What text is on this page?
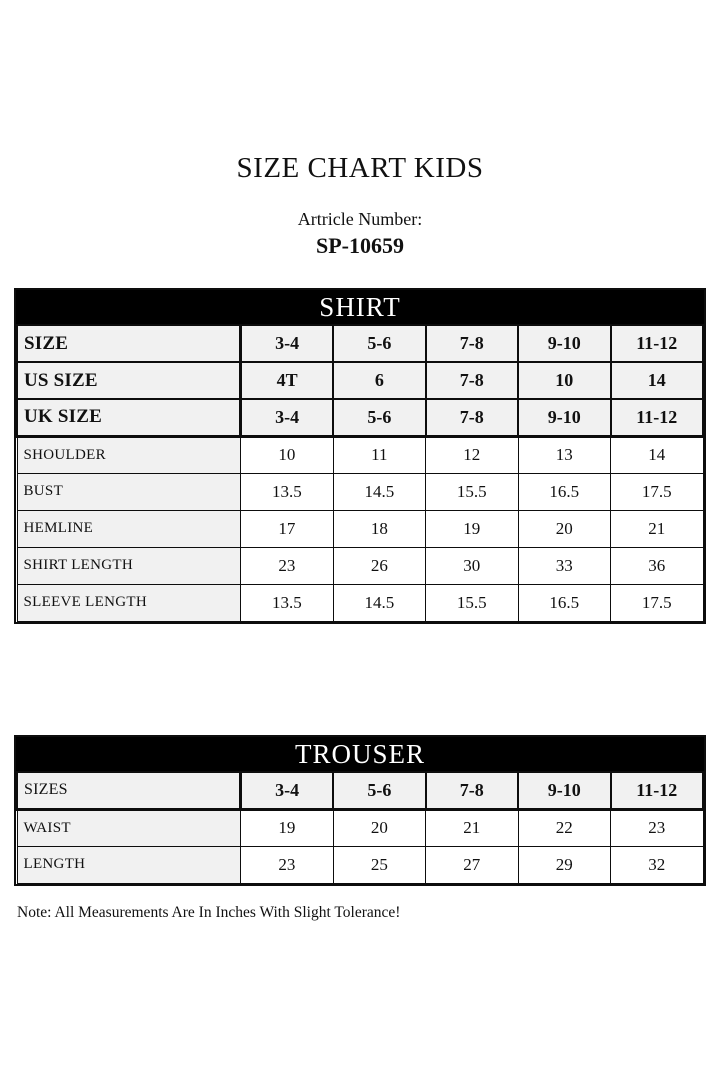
SIZE CHART KIDS
Artricle Number:
SP-10659
SHIRT
SIZE	3-4	5-6	7-8	9-10	11-12
US SIZE	4T	6	7-8	10	14
UK SIZE	3-4	5-6	7-8	9-10	11-12
SHOULDER	10	11	12	13	14
BUST	13.5	14.5	15.5	16.5	17.5
HEMLINE	17	18	19	20	21
SHIRT LENGTH	23	26	30	33	36
SLEEVE LENGTH	13.5	14.5	15.5	16.5	17.5
TROUSER
SIZES	3-4	5-6	7-8	9-10	11-12
WAIST	19	20	21	22	23
LENGTH	23	25	27	29	32
Note: All Measurements Are In Inches With Slight Tolerance!
